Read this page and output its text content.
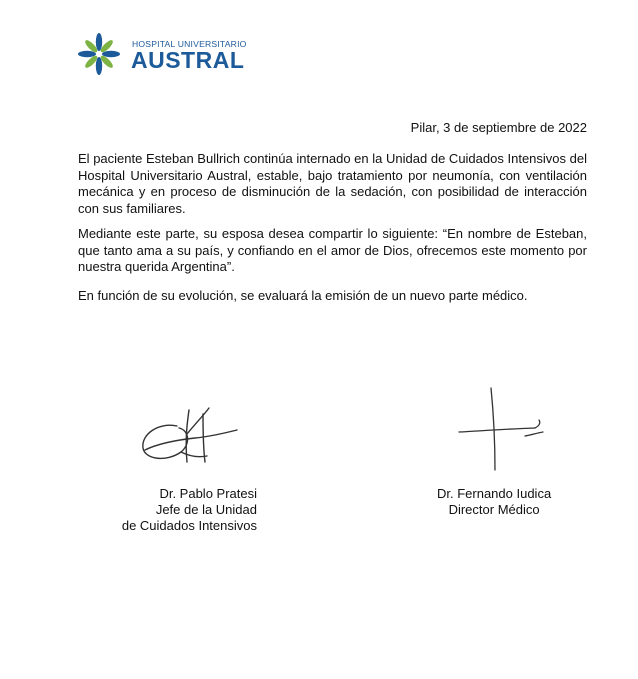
HOSPITAL UNIVERSITARIO
AUSTRAL
Pilar, 3 de septiembre de 2022

El paciente Esteban Bullrich continúa internado en la Unidad de Cuidados Intensivos del Hospital Universitario Austral, estable, bajo tratamiento por neumonía, con ventilación mecánica y en proceso de disminución de la sedación, con posibilidad de interacción con sus familiares.

Mediante este parte, su esposa desea compartir lo siguiente: “En nombre de Esteban, que tanto ama a su país, y confiando en el amor de Dios, ofrecemos este momento por nuestra querida Argentina”.

En función de su evolución, se evaluará la emisión de un nuevo parte médico.

Dr. Pablo Pratesi
Jefe de la Unidad
de Cuidados Intensivos
Dr. Fernando Iudica
Director Médico
